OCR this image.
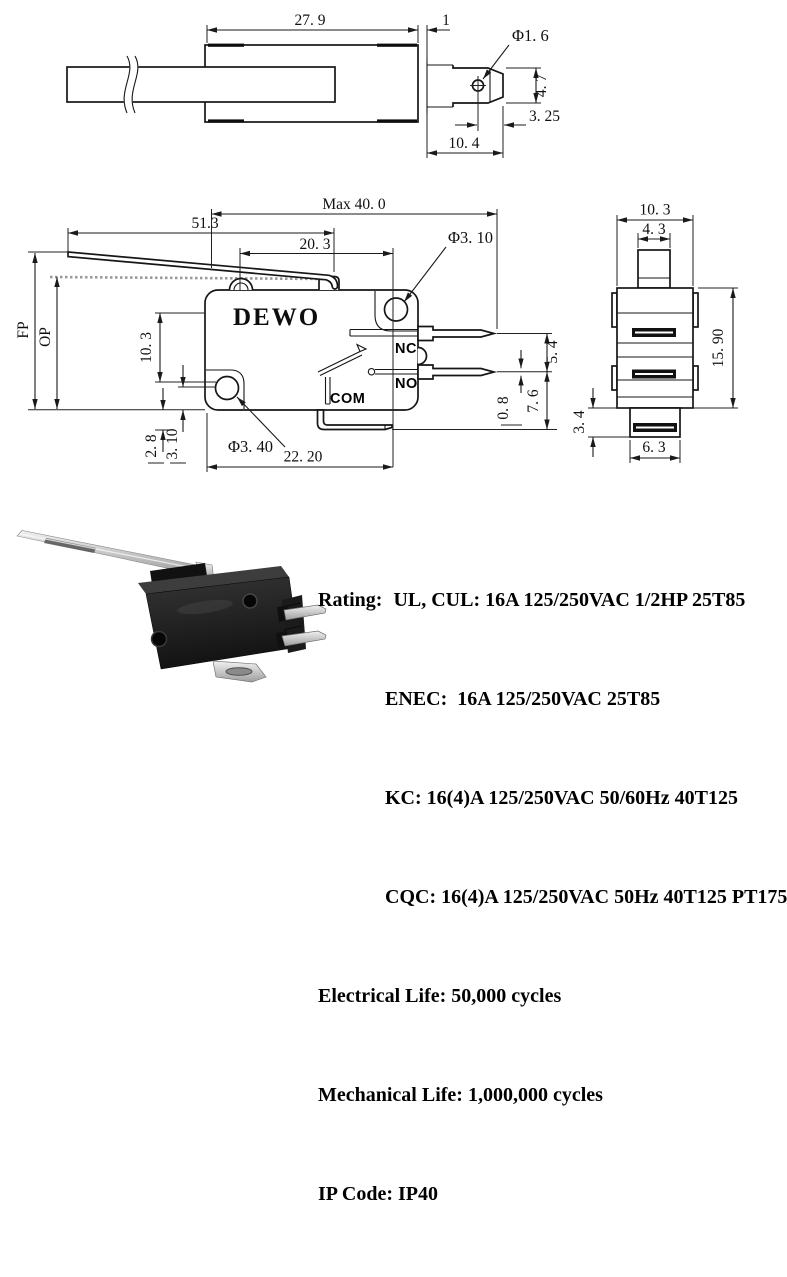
27. 9	1
Φ1. 6
4. 7
3. 25
10. 4
DEWO
NC
NO
COM
Max 40. 0
51.3
20. 3	Φ3. 10
10. 3
3. 10
2. 8	Φ3. 40
22. 20
FP OP
5. 4
7. 6
0. 8
10. 3
4. 3
15. 90
3. 4
6. 3

Rating: UL, CUL: 16A 125/250VAC 1/2HP 25T85

ENEC:  16A 125/250VAC 25T85

KC: 16(4)A 125/250VAC 50/60Hz 40T125

CQC: 16(4)A 125/250VAC 50Hz 40T125 PT175

Electrical Life: 50,000 cycles

Mechanical Life: 1,000,000 cycles

IP Code: IP40
